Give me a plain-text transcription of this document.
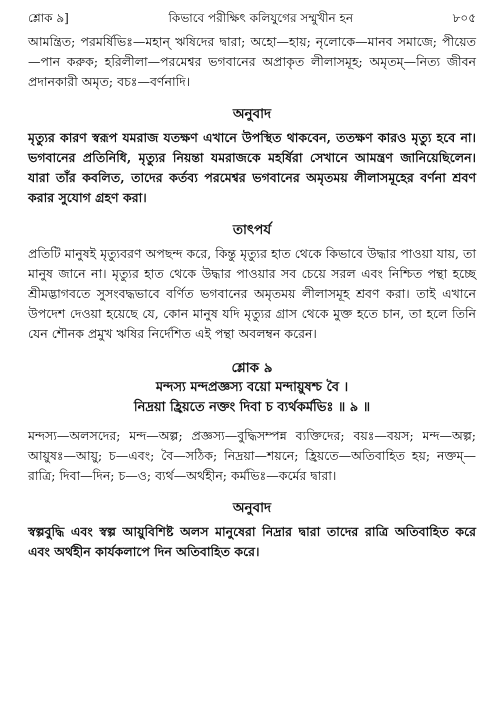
শ্লোক ৯]	কিভাবে পরীক্ষিৎ কলিযুগের সম্মুখীন হন	৮০৫

আমন্ত্রিত; পরমর্ষিভিঃ—মহান্ ঋষিদের দ্বারা; অহো—হায়; নৃলোকে—মানব সমাজে; পীয়েত—পান করুক; হরিলীলা—পরমেশ্বর ভগবানের অপ্রাকৃত লীলাসমূহ; অমৃতম্—নিত্য জীবন প্রদানকারী অমৃত; বচঃ—বর্ণনাদি।

অনুবাদ

মৃত্যুর কারণ স্বরূপ যমরাজ যতক্ষণ এখানে উপস্থিত থাকবেন, ততক্ষণ কারও মৃত্যু হবে না। ভগবানের প্রতিনিধি, মৃত্যুর নিয়ন্তা যমরাজকে মহর্ষিরা সেখানে আমন্ত্রণ জানিয়েছিলেন। যারা তাঁর কবলিত, তাদের কর্তব্য পরমেশ্বর ভগবানের অমৃতময় লীলাসমূহের বর্ণনা শ্রবণ করার সুযোগ গ্রহণ করা।

তাৎপর্য

প্রতিটি মানুষই মৃত্যুবরণ অপছন্দ করে, কিন্তু মৃত্যুর হাত থেকে কিভাবে উদ্ধার পাওয়া যায়, তা মানুষ জানে না। মৃত্যুর হাত থেকে উদ্ধার পাওয়ার সব চেয়ে সরল এবং নিশ্চিত পন্থা হচ্ছে শ্রীমদ্ভাগবতে সুসংবদ্ধভাবে বর্ণিত ভগবানের অমৃতময় লীলাসমূহ শ্রবণ করা। তাই এখানে উপদেশ দেওয়া হয়েছে যে, কোন মানুষ যদি মৃত্যুর গ্রাস থেকে মুক্ত হতে চান, তা হলে তিনি যেন শৌনক প্রমুখ ঋষির নির্দেশিত এই পন্থা অবলম্বন করেন।

শ্লোক ৯
মন্দস্য মন্দপ্রজ্ঞস্য বয়ো মন্দায়ুষশ্চ বৈ ।
নিদ্রয়া হ্রিয়তে নক্তং দিবা চ ব্যর্থকর্মভিঃ ॥ ৯ ॥

মন্দস্য—অলসদের; মন্দ—অল্প; প্রজ্ঞস্য—বুদ্ধিসম্পন্ন ব্যক্তিদের; বয়ঃ—বয়স; মন্দ—অল্প; আয়ুষঃ—আয়ু; চ—এবং; বৈ—সঠিক; নিদ্রয়া—শয়নে; হ্রিয়তে—অতিবাহিত হয়; নক্তম্—রাত্রি; দিবা—দিন; চ—ও; ব্যর্থ—অর্থহীন; কর্মভিঃ—কর্মের দ্বারা।

অনুবাদ

স্বল্পবুদ্ধি এবং স্বল্প আয়ুবিশিষ্ট অলস মানুষেরা নিদ্রার দ্বারা তাদের রাত্রি অতিবাহিত করে এবং অর্থহীন কার্যকলাপে দিন অতিবাহিত করে।
